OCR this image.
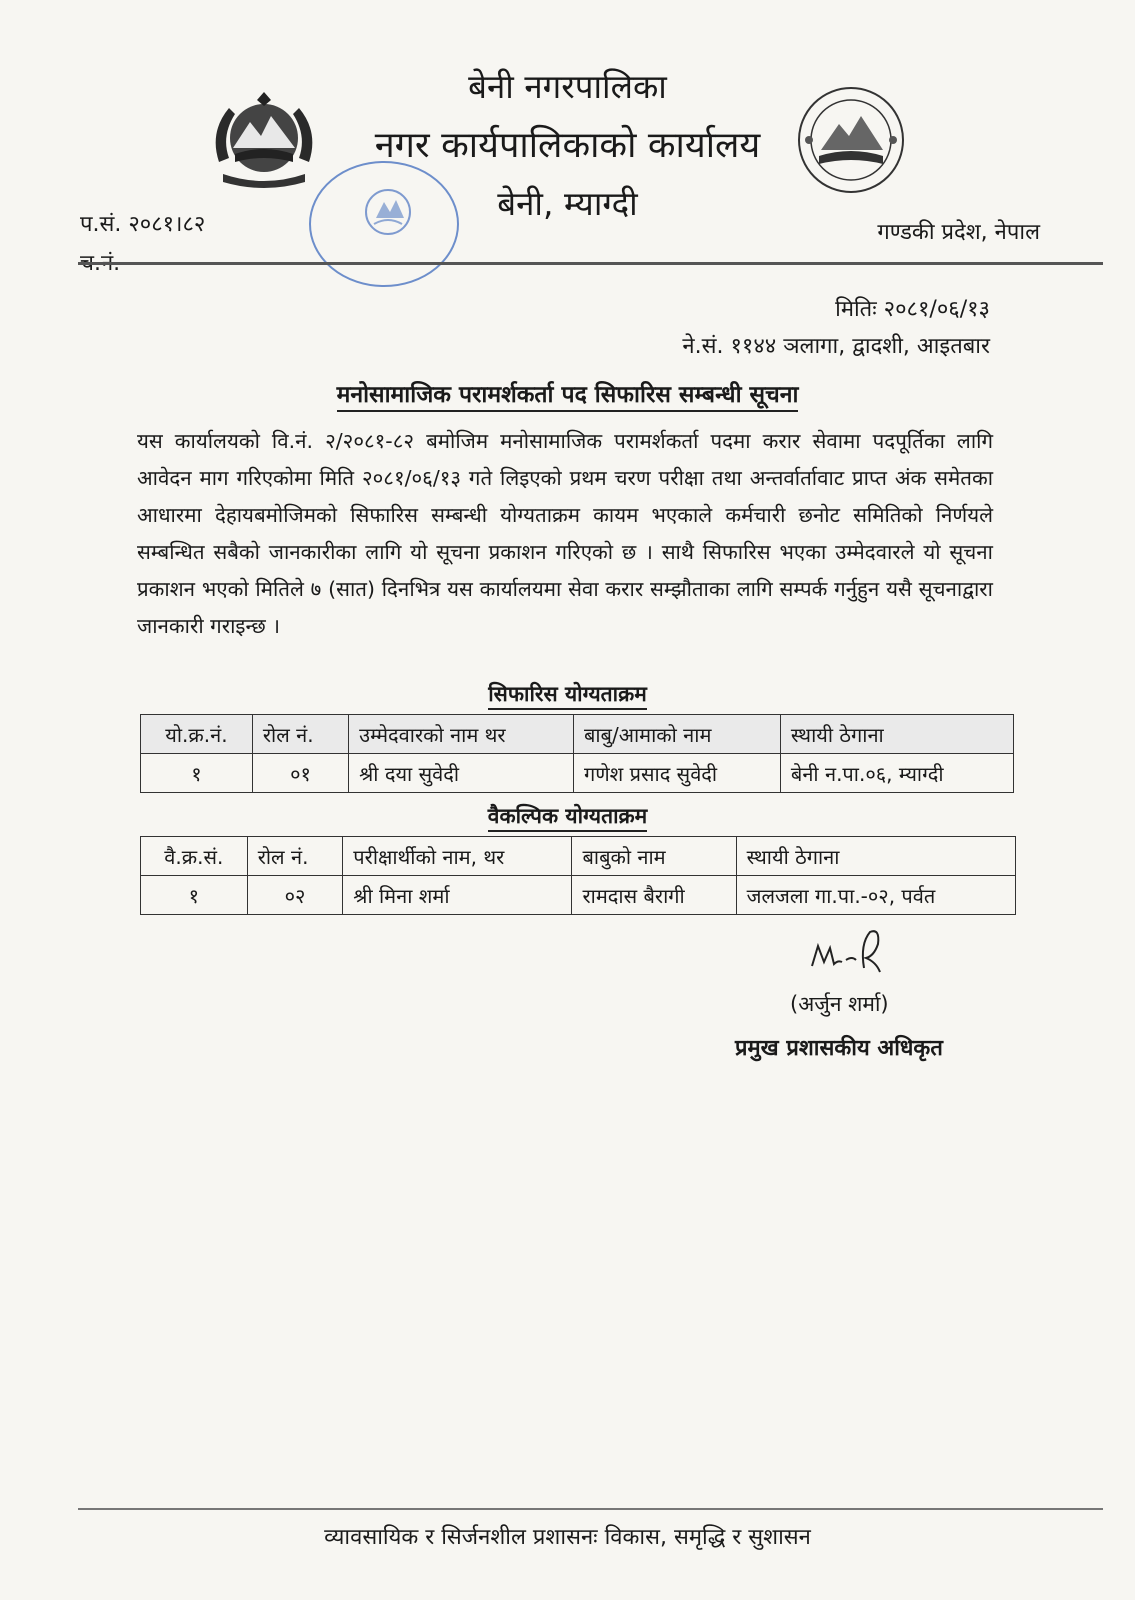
बेनी नगरपालिका
नगर कार्यपालिकाको कार्यालय
बेनी, म्याग्दी
प.सं. २०८१।८२
च.नं.
गण्डकी प्रदेश, नेपाल
मितिः २०८१/०६/१३
ने.सं. ११४४ ञलागा, द्वादशी, आइतबार
मनोसामाजिक परामर्शकर्ता पद सिफारिस सम्बन्धी सूचना
यस कार्यालयको वि.नं. २/२०८१-८२ बमोजिम मनोसामाजिक परामर्शकर्ता पदमा करार सेवामा पदपूर्तिका लागि आवेदन माग गरिएकोमा मिति २०८१/०६/१३ गते लिइएको प्रथम चरण परीक्षा तथा अन्तर्वार्तावाट प्राप्त अंक समेतका आधारमा देहायबमोजिमको सिफारिस सम्बन्धी योग्यताक्रम कायम भएकाले कर्मचारी छनोट समितिको निर्णयले सम्बन्धित सबैको जानकारीका लागि यो सूचना प्रकाशन गरिएको छ । साथै सिफारिस भएका उम्मेदवारले यो सूचना प्रकाशन भएको मितिले ७ (सात) दिनभित्र यस कार्यालयमा सेवा करार सम्झौताका लागि सम्पर्क गर्नुहुन यसै सूचनाद्वारा जानकारी गराइन्छ ।
सिफारिस योग्यताक्रम
यो.क्र.नं.	रोल नं.	उम्मेदवारको नाम थर	बाबु/आमाको नाम	स्थायी ठेगाना
१	०१	श्री दया सुवेदी	गणेश प्रसाद सुवेदी	बेनी न.पा.०६, म्याग्दी
वैकल्पिक योग्यताक्रम
वै.क्र.सं.	रोल नं.	परीक्षार्थीको नाम, थर	बाबुको नाम	स्थायी ठेगाना
१	०२	श्री मिना शर्मा	रामदास बैरागी	जलजला गा.पा.-०२, पर्वत
(अर्जुन शर्मा)
प्रमुख प्रशासकीय अधिकृत
व्यावसायिक र सिर्जनशील प्रशासनः विकास, समृद्धि र सुशासन
